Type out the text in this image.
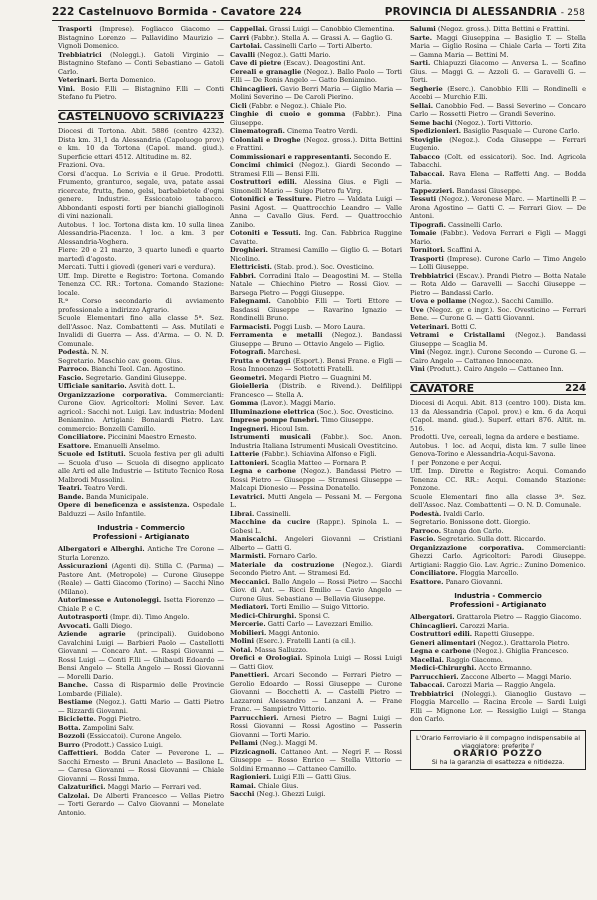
222 Castelnuovo Bormida - Cavatore 224	PROVINCIA DI ALESSANDRIA - 258
Trasporti (Imprese). Fogliacco Giacomo — Bistagnino Lorenzo — Pallavidino Maurizio — Vignoli Domenico.
Trebbiatrici (Noleggi.). Gatoli Virginio — Bistagnino Stefano — Conti Sebastiano — Gatoli Carlo.
Veterinari. Berta Domenico.
Vini. Bosio F.lli — Bistagnino F.lli — Conti Stefano fu Pietro.
CASTELNUOVO SCRIVIA 223
Diocesi di Tortona. Abit. 5886 (centro 4232). Dista km. 31,1 da Alessandria (Capoluogo prov.) e km. 10 da Tortona (Capol. mand. giud.). Superficie ettari 4512. Altitudine m. 82.
Frazioni. Ova.
Corsi d'acqua. Lo Scrivia e il Grue. Prodotti. Frumento, granturco, segale, uva, patate assai ricercate, frutta, fieno, gelsi, barbabietole d'ogni genere. Industrie. Essiccatoio tabacco. Abbondanti esposti forti per bianchi gialloginoli di vini nazionali.
Autobus. ↑ loc. Tortona dista km. 10 sulla linea Alessandria-Piacenza. ↑ loc. a km. 3 per Alessandria-Voghera.
Fiere: 20 e 21 marzo, 3 quarto lunedì e quarto martedì d'agosto.
Mercati. Tutti i giovedì (generi vari e verdura).
Uff. Imp. Dirette e Registro: Tortona. Comando Tenenza CC. RR.: Tortona. Comando Stazione: locale.
R.ª Corso secondario di avviamento professionale a indirizzo Agrario.
Scuole Elementari fino alla classe 5ª. Sez. dell'Assoc. Naz. Combattenti — Ass. Mutilati e Invalidi di Guerra — Ass. d'Arma. — O. N. D. Comunale.
Podestà. N. N.
Segretario. Maschio cav. geom. Gius.
Parroco. Bianchi Teol. Can. Agostino.
Fascio. Segretario. Gandini Giuseppe.
Ufficiale sanitario. Asvità dott. L.
Organizzazione corporativa. Commercianti: Curone Giov. Agricoltori: Molini Sever. Lav. agricol.: Sacchi not. Luigi. Lav. industria: Modenl Beniamino. Artigiani: Bonaiardi Pietro. Lav. commercio: Bonzelli Camillo.
Conciliatore. Piccinini Maestro Ernesto.
Esattore. Emanuelli Anselmo.
Scuole ed Istituti. Scuola festiva per gli adulti — Scuola d'uso — Scuola di disegno applicato alle Arti ed alle Industrie — Istituto Tecnico Rosa Malbrodi Mussolini.
Teatri. Teatro Verdi.
Bande. Banda Municipale.
Opere di beneficenza e assistenza. Ospedale Balduzzi — Asilo Infantile.
Industria - Commercio
Professioni - Artigianato
Albergatori e Alberghi. Antiche Tre Corone — Sturla Lorenzo.
Assicurazioni (Agenti di). Stilla C. (Parma) — Pastore Ant. (Metropole) — Curone Giuseppe (Reale) — Gatti Giacomo (Torino) — Sacchi Nino (Milano).
Autorimesse e Autonoleggi. Isetta Fiorenzo — Chiale P. e C.
Autotrasporti (Impr. di). Timo Angelo.
Avvocati. Galli Diego.
Aziende agrarie (principali). Guidobono Cavalchini Luigi — Barbieri Paolo — Castellotti Giovanni — Concaro Ant. — Raspi Giovanni — Rossi Luigi — Conti F.lli — Ghibaudi Edoardo — Bensi Angelo — Stella Angelo — Rossi Giovanni — Morelli Dario.
Banche. Cassa di Risparmio delle Provincie Lombarde (Filiale).
Bestiame (Negoz.). Gatti Mario — Gatti Pietro — Rizzardi Giovanni.
Biciclette. Poggi Pietro.
Botta. Zampolini Salv.
Bozzoli (Essiccatoi). Curone Angelo.
Burro (Prodott.) Cassico Luigi.
Caffettieri. Bodda Cater — Peverone L. — Sacchi Ernesto — Bruni Anacleto — Basilone L. — Caresa Giovanni — Rossi Giovanni — Chiale Giovanni — Rossi Imma.
Calzaturifici. Maggi Mario — Ferrari ved.
Calzolai. De Alberti Francesco — Vellas Pietro — Torti Gerardo — Calvo Giovanni — Monelate Antonio.
Cappellai. Grassi Luigi — Canobbio Clementina.
Carri (Fabbr.). Stella A. — Grassi A. — Gaglio G.
Cartolai. Cassinelli Carlo — Torti Alberto.
Cavalli (Negoz.). Gatti Mario.
Cave di pietre (Escav.). Deagostini Ant.
Cereali e granaglie (Negoz.). Ballo Paolo — Torti F.lli — De Ronis Angelo — Gatto Beniamino.
Chincaglieri. Gavio Berri Maria — Giglio Maria — Molini Severino — De Caroli Pierino.
Cicli (Fabbr. e Negoz.). Chiale Pio.
Cinghie di cuoio e gomma (Fabbr.). Pina Giuseppe.
Cinematografi. Cinema Teatro Verdi.
Coloniali e Droghe (Negoz. gross.). Ditta Bettini e Frattini.
Commissionari e rappresentanti. Secondo E.
Concimi chimici (Negoz.). Giardi Secondo — Stramesi F.lli — Bensi F.lli.
Costruttori edili. Alessina Gius. e Figli — Simonelli Mario — Suigo Pietro fu Virg.
Cotonifici e Tessiture. Pietro — Valdata Luigi — Pasini Agost. — Quattrocchio Leandro — Valle Anna — Cavallo Gius. Ferd. — Quattrocchio Zanibo.
Cotoniti e Tessuti. Ing. Can. Fabbrica Ruggine Cavatte.
Droghieri. Stramesi Camillo — Giglio G. — Botari Nicolino.
Elettricisti. (Stab. prod.). Soc. Ovesticino.
Fabbri. Corradini Italo — Deagostini M. — Stella Natale — Chiechino Pietro — Rossi Giov. — Barsega Pietro — Poggi Giuseppe.
Falegnami. Canobbio F.lli — Torti Ettore — Basdassi Giuseppe — Ravarino Ignazio — Rondinelli Bruno.
Farmacisti. Poggi Lusb. — Moro Laura.
Ferramenta e metalli (Negoz.). Bandassi Giuseppe — Bruno — Ottavio Angelo — Figlio.
Fotografi. Marchesi.
Frutta e Ortaggi (Esport.). Bensi Frane. e Figli — Rosa Innocenzo — Sottotetti Fratelli.
Geometri. Megardi Pietro — Guagnini M.
Gioielleria (Distrib. e Rivend.). Delfilippi Francesco — Stella A.
Gomma (Lavor.). Maggi Mario.
Illuminazione elettrica (Soc.). Soc. Ovesticino.
Imprese pompe funebri. Timo Giuseppe.
Ingegneri. Hicoul Ism.
Istrumenti musicali (Fabbr.). Soc. Anon. Industria Italiana Istrumenti Musicali Ovestitcino.
Latterie (Fabbr.). Schiavina Alfonso e Figli.
Lattonieri. Scaglia Matteo — Fornara P.
Legna e carbone (Negoz.). Bandassi Pietro — Rossi Pietro — Giuseppe — Stramesi Giuseppe — Malcapi Dionesio — Pessina Donatello.
Levatrici. Mutti Angela — Pessani M. — Fergona L.
Librai. Cassinelli.
Macchine da cucire (Rappr.). Spinola L. — Gobesi L.
Maniscalchi. Angeleri Giovanni — Cristiani Alberto — Gatti G.
Marmisti. Fornaro Carlo.
Materiale da costruzione (Negoz.). Giardi Secondo Pietro Ant. — Stramesi Ed.
Meccanici. Ballo Angelo — Rossi Pietro — Sacchi Giov. di Ant. — Ricci Emilio — Cavio Angelo — Curone Gius. Sebastiano — Bellavia Giuseppe.
Mediatori. Torti Emilio — Suigo Vittorio.
Medici-Chirurghi. Sponsi C.
Mercerie. Gatti Carlo — Lavezzari Emilio.
Mobilieri. Maggi Antonio.
Molini (Eserc.). Fratelli Lanti (a cil.).
Notai. Massa Salluzzo.
Orefici e Orologiai. Spinola Luigi — Rossi Luigi — Gatti Giov.
Panettieri. Arcari Secondo — Ferrari Pietro — Gerolio Edoardo — Rossi Giuseppe — Curone Giovanni — Bocchetti A. — Castelli Pietro — Lazzaroni Alessandro — Lanzani A. — Frane Franc. — Sampietro Vittorio.
Parrucchieri. Arnesi Pietro — Bagni Luigi — Rossi Giovanni — Rossi Agostino — Passerin Giovanni — Torti Mario.
Pellami (Neg.). Maggi M.
Pizzicagnoli. Cattaneo Ant. — Negri F. — Rossi Giuseppe — Rosso Enrico — Stella Vittorio — Soldini Ermanno — Cattaneo Camillo.
Ragionieri. Luigi F.lli — Gatti Gius.
Ramai. Chiale Gius.
Sacchi (Neg.). Ghezzi Luigi.
Salumi (Negoz. gross.). Ditta Bettini e Frattini.
Sarte. Maggi Giuseppina — Basiglio T. — Stella Maria — Giglio Rosina — Chiale Carla — Torti Zita — Gamna Maria — Bettini M.
Sarti. Chiapuzzi Giacomo — Anversa L. — Scafino Gius. — Maggi G. — Azzoli G. — Garavelli G. — Torti.
Segherie (Eserc.). Canobbio F.lli — Rondinelli e Accebi — Murchio F.lli.
Sellai. Canobbio Fed. — Bassi Severino — Concaro Carlo — Rossetti Pietro — Grandi Severino.
Seme bachi (Negoz.). Torti Vittorio.
Spedizionieri. Basiglio Pasquale — Curone Carlo.
Stoviglie (Negoz.). Coda Giuseppe — Ferrari Eugenio.
Tabacco (Colt. ed essicatori). Soc. Ind. Agricola Tabacchi.
Tabaccai. Rava Elena — Raffetti Ang. — Bodda Maria.
Tappezzieri. Bandassi Giuseppe.
Tessuti (Negoz.). Veronese Marc. — Martinelli P. — Arona Agostino — Gatti C. — Ferrari Giov. — De Antoni.
Tipografi. Cassinelli Carlo.
Tomaie (Fabbr.). Vedova Ferrari e Figli — Maggi Mario.
Tornitori. Scaffini A.
Trasporti (Imprese). Curone Carlo — Timo Angelo — Lolli Giuseppe.
Trebbiatrici (Escav.). Prandi Pietro — Botta Natale — Rota Aldo — Garavelli — Sacchi Giuseppe — Pietro — Bandassi Carlo.
Uova e pollame (Negoz.). Sacchi Camillo.
Uve (Negoz. gr. e ingr.). Soc. Ovesticino — Ferrari Bene. — Curone G. — Gatti Giovanni.
Veterinari. Botti C.
Vetrami e Cristallami (Negoz.). Bandassi Giuseppe — Scaglia M.
Vini (Negoz. ingr.). Curone Secondo — Curone G. — Cairo Angelo — Cattaneo Innocenzo.
Vini (Produtt.). Cairo Angelo — Cattaneo Inn.
CAVATORE	224
Diocesi di Acqui. Abit. 813 (centro 100). Dista km. 13 da Alessandria (Capol. prov.) e km. 6 da Acqui (Capol. mand. giud.). Superf. ettari 876. Altit. m. 516.
Prodotti. Uve, cereali, legna da ardere e bestiame.
Autobus. ↑ loc. ad Acqui, dista km. 7 sulle linee Genova-Torino e Alessandria-Acqui-Savona.
↑ per Ponzone e per Acqui.
Uff. Imp. Dirette e Registro: Acqui. Comando Tenenza CC. RR.: Acqui. Comando Stazione: Ponzone.
Scuole Elementari fino alla classe 3ª. Sez. dell'Assoc. Naz. Combattenti — O. N. D. Comunale.
Podestà. Ivaldi Carlo.
Segretario. Bonissone dott. Giorgio.
Parroco. Stanga don Carlo.
Fascio. Segretario. Sulla dott. Riccardo.
Organizzazione corporativa. Commercianti: Ghezzi Carlo. Agricoltori: Parodi Giuseppe. Artigiani: Raggio Gio. Lav. Agric.: Zunino Domenico.
Conciliatore. Floggia Marcello.
Esattore. Panaro Giovanni.
Industria - Commercio
Professioni - Artigianato
Albergatori. Grattarola Pietro — Raggio Giacomo.
Chincaglieri. Carozzi Maria.
Costruttori edili. Rapetti Giuseppe.
Generi alimentari (Negoz.). Grattarola Pietro.
Legna e carbone (Negoz.). Ghiglia Francesco.
Macellai. Raggio Giacomo.
Medici-Chirurghi. Accto Ermanno.
Parrucchieri. Zaccone Alberto — Maggi Mario.
Tabaccai. Carozzi Maria — Raggio Angela.
Trebbiatrici (Noleggi.). Gianoglio Gustavo — Floggia Marcello — Racina Ercole — Sardi Luigi F.lli — Mignone Lor. — Ressiglio Luigi — Stanga don Carlo.
L'Orario Ferroviario è il compagno indispensabile al viaggiatore: preferite l'
ORARIO POZZO
Si ha la garanzia di esattezza e nitidezza.
